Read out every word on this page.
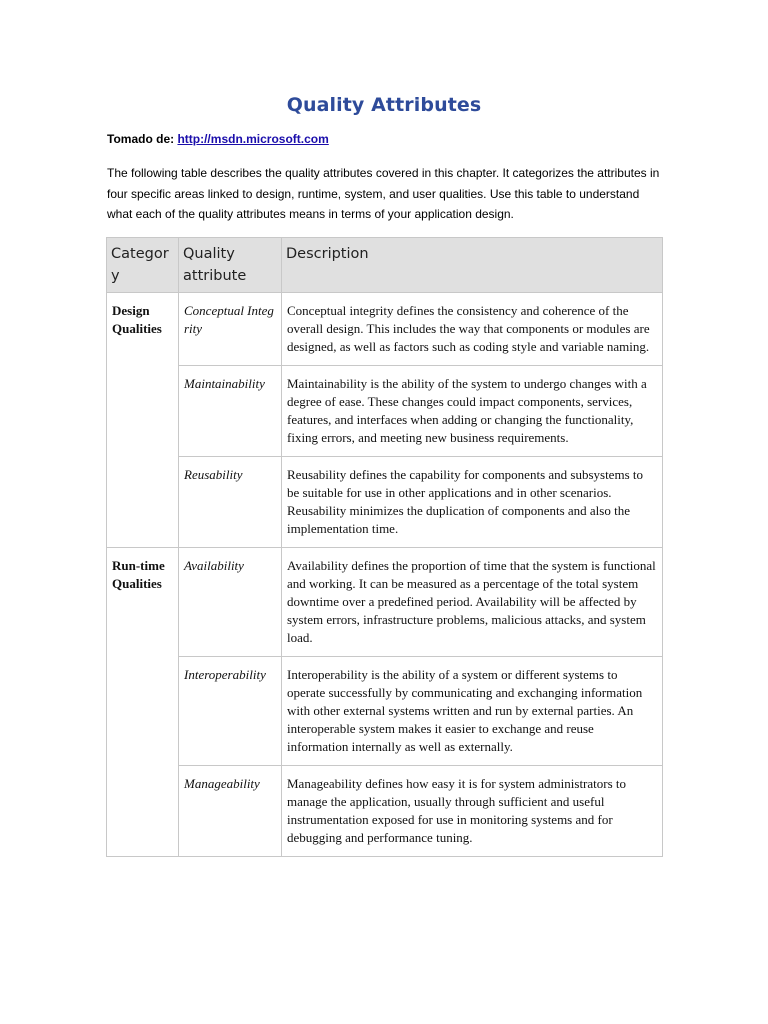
Quality Attributes
Tomado de: http://msdn.microsoft.com
The following table describes the quality attributes covered in this chapter. It categorizes the attributes in four specific areas linked to design, runtime, system, and user qualities. Use this table to understand what each of the quality attributes means in terms of your application design.
Category	Quality attribute	Description
Design Qualities	Conceptual Integrity	Conceptual integrity defines the consistency and coherence of the overall design. This includes the way that components or modules are designed, as well as factors such as coding style and variable naming.
	Maintainability	Maintainability is the ability of the system to undergo changes with a degree of ease. These changes could impact components, services, features, and interfaces when adding or changing the functionality, fixing errors, and meeting new business requirements.
	Reusability	Reusability defines the capability for components and subsystems to be suitable for use in other applications and in other scenarios. Reusability minimizes the duplication of components and also the implementation time.
Run-time Qualities	Availability	Availability defines the proportion of time that the system is functional and working. It can be measured as a percentage of the total system downtime over a predefined period. Availability will be affected by system errors, infrastructure problems, malicious attacks, and system load.
	Interoperability	Interoperability is the ability of a system or different systems to operate successfully by communicating and exchanging information with other external systems written and run by external parties. An interoperable system makes it easier to exchange and reuse information internally as well as externally.
	Manageability	Manageability defines how easy it is for system administrators to manage the application, usually through sufficient and useful instrumentation exposed for use in monitoring systems and for debugging and performance tuning.
